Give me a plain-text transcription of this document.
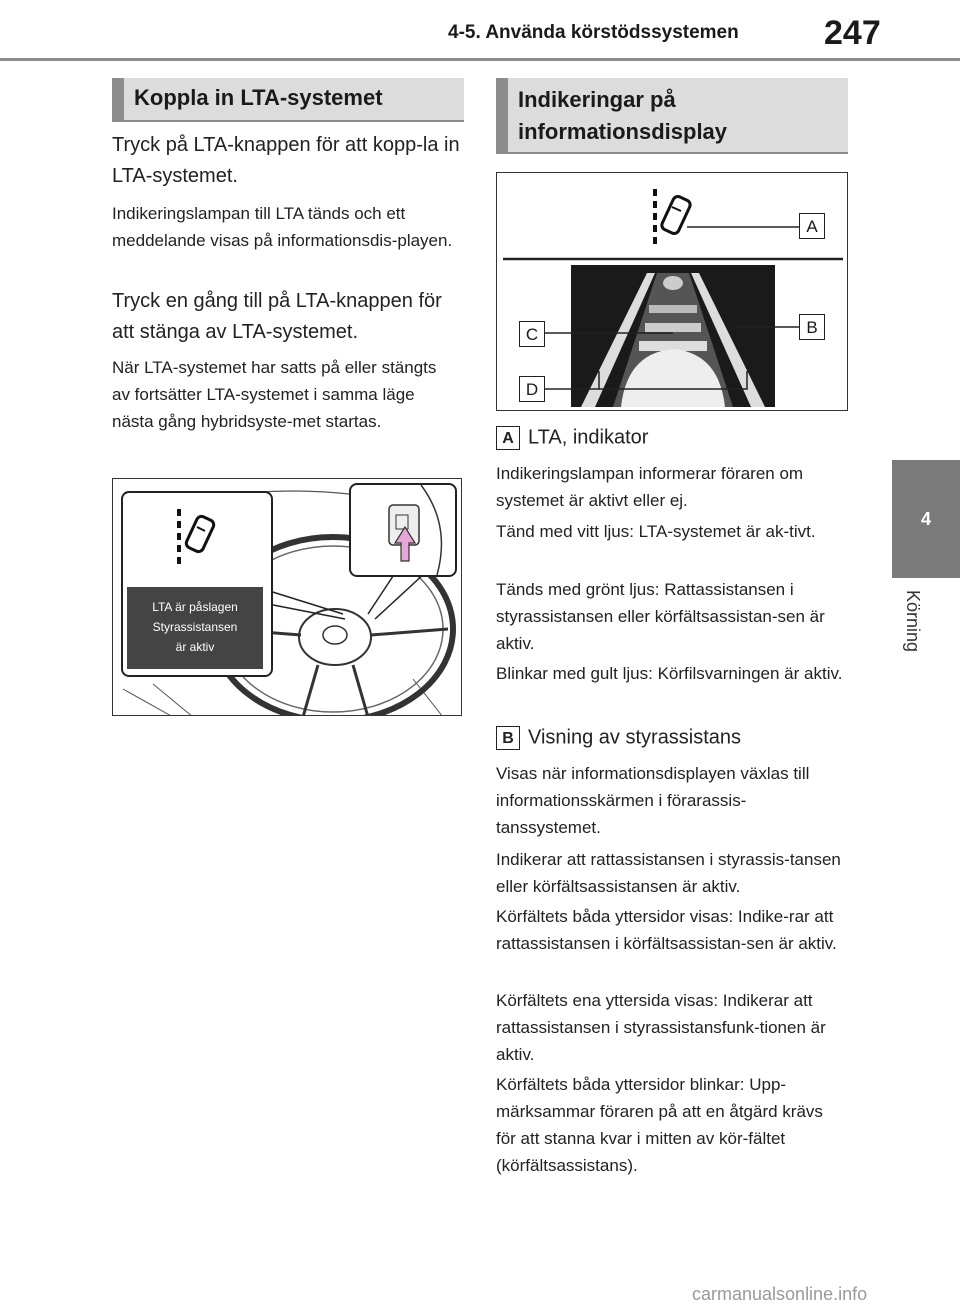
4-5. Använda körstödssystemen	247
4
Körning
Koppla in LTA-systemet
Tryck på LTA-knappen för att kopp-la in LTA-systemet.
Indikeringslampan till LTA tänds och ett meddelande visas på informationsdis-playen.
Tryck en gång till på LTA-knappen för att stänga av LTA-systemet.
När LTA-systemet har satts på eller stängts av fortsätter LTA-systemet i samma läge nästa gång hybridsyste-met startas.
LTA är påslagen
Styrassistansen
är aktiv
Indikeringar på
informationsdisplay
A
B
C
D
A LTA, indikator
Indikeringslampan informerar föraren om systemet är aktivt eller ej.
Tänd med vitt ljus: LTA-systemet är ak-tivt.
Tänds med grönt ljus: Rattassistansen i styrassistansen eller körfältsassistan-sen är aktiv.
Blinkar med gult ljus: Körfilsvarningen är aktiv.
B Visning av styrassistans
Visas när informationsdisplayen växlas till informationsskärmen i förarassis-tanssystemet.
Indikerar att rattassistansen i styrassis-tansen eller körfältsassistansen är aktiv.
Körfältets båda yttersidor visas: Indike-rar att rattassistansen i körfältsassistan-sen är aktiv.
Körfältets ena yttersida visas: Indikerar att rattassistansen i styrassistansfunk-tionen är aktiv.
Körfältets båda yttersidor blinkar: Upp-märksammar föraren på att en åtgärd krävs för att stanna kvar i mitten av kör-fältet (körfältsassistans).
carmanualsonline.info
